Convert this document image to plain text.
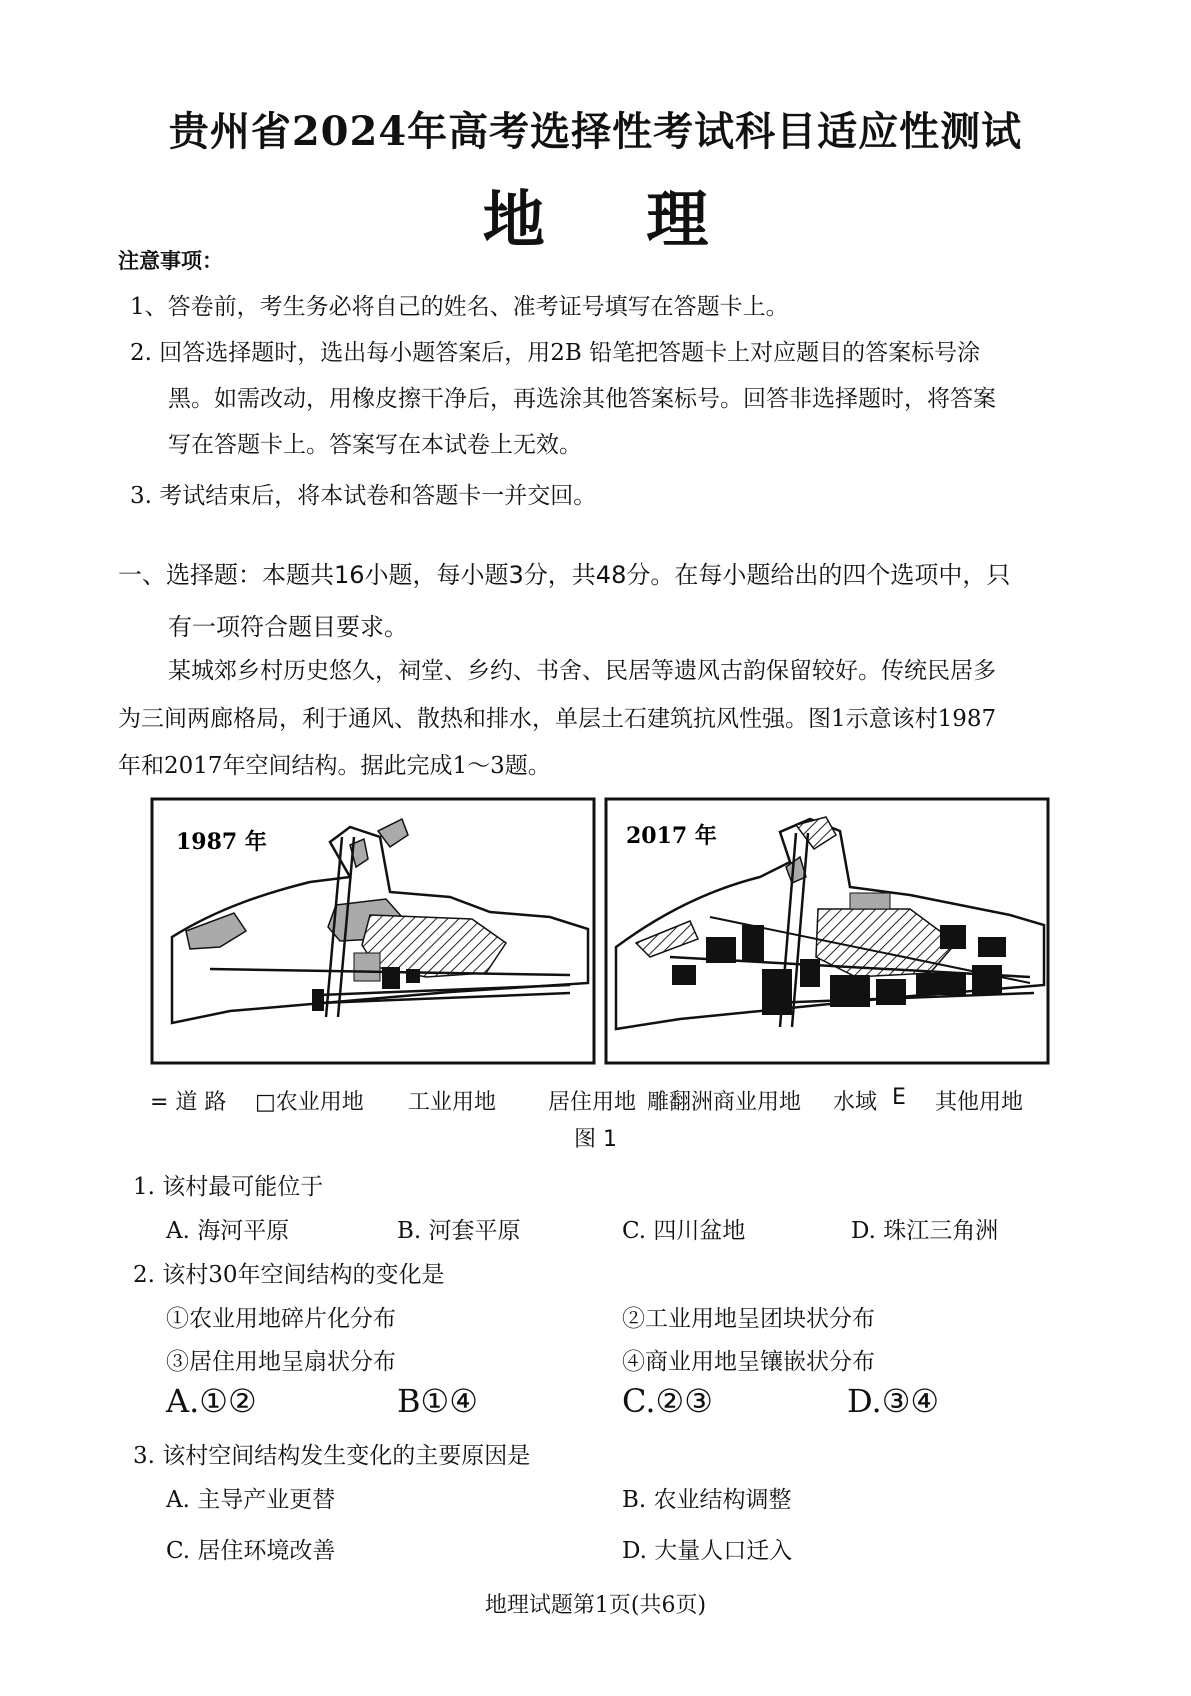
贵州省2024年高考选择性考试科目适应性测试
地 理
注意事项：
1、答卷前，考生务必将自己的姓名、准考证号填写在答题卡上。
2. 回答选择题时，选出每小题答案后，用2B 铅笔把答题卡上对应题目的答案标号涂
黑。如需改动，用橡皮擦干净后，再选涂其他答案标号。回答非选择题时，将答案
写在答题卡上。答案写在本试卷上无效。
3. 考试结束后，将本试卷和答题卡一并交回。
一、选择题：本题共16小题，每小题3分，共48分。在每小题给出的四个选项中，只
有一项符合题目要求。
某城郊乡村历史悠久，祠堂、乡约、书舍、民居等遗风古韵保留较好。传统民居多
为三间两廊格局，利于通风、散热和排水，单层土石建筑抗风性强。图1示意该村1987
年和2017年空间结构。据此完成1～3题。
1987 年	2017 年
= 道 路 □农业用地 工业用地 居住用地 雕翻洲 商业用地 水域 E 其他用地
图 1
1. 该村最可能位于
A. 海河平原	B. 河套平原	C. 四川盆地	D. 珠江三角洲
2. 该村30年空间结构的变化是
①农业用地碎片化分布	②工业用地呈团块状分布
③居住用地呈扇状分布	④商业用地呈镶嵌状分布
A.①②	B①④	C.②③	D.③④
3. 该村空间结构发生变化的主要原因是
A. 主导产业更替	B. 农业结构调整
C. 居住环境改善	D. 大量人口迁入
地理试题第1页(共6页)
